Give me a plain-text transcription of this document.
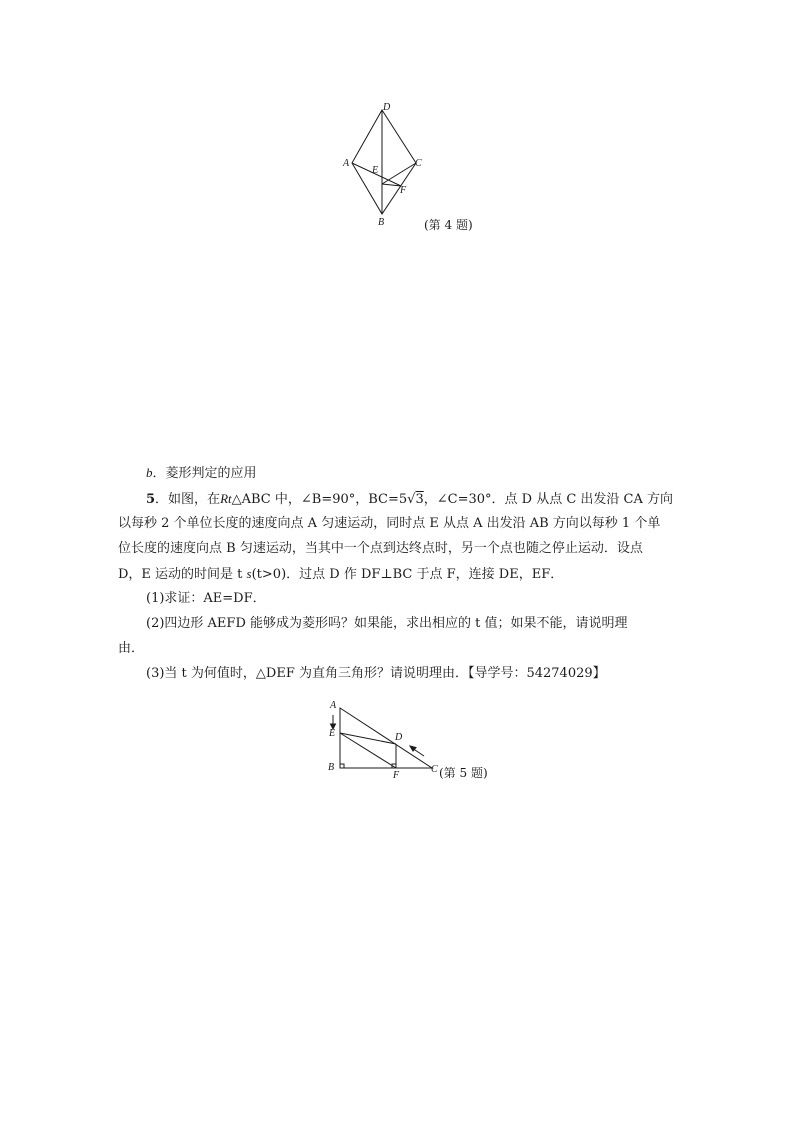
D
A
E
C
F
B	(第 4 题)
b．菱形判定的应用
5．如图，在Rt△ABC 中，∠B=90°，BC=5√3，∠C=30°．点 D 从点 C 出发沿 CA 方向
以每秒 2 个单位长度的速度向点 A 匀速运动，同时点 E 从点 A 出发沿 AB 方向以每秒 1 个单
位长度的速度向点 B 匀速运动，当其中一个点到达终点时，另一个点也随之停止运动．设点
D，E 运动的时间是 t s(t>0)．过点 D 作 DF⊥BC 于点 F，连接 DE，EF．
(1)求证：AE=DF．
(2)四边形 AEFD 能够成为菱形吗？如果能，求出相应的 t 值；如果不能，请说明理
由．
(3)当 t 为何值时，△DEF 为直角三角形？请说明理由．【导学号：54274029】
A
E	D
B
F
C (第 5 题)
